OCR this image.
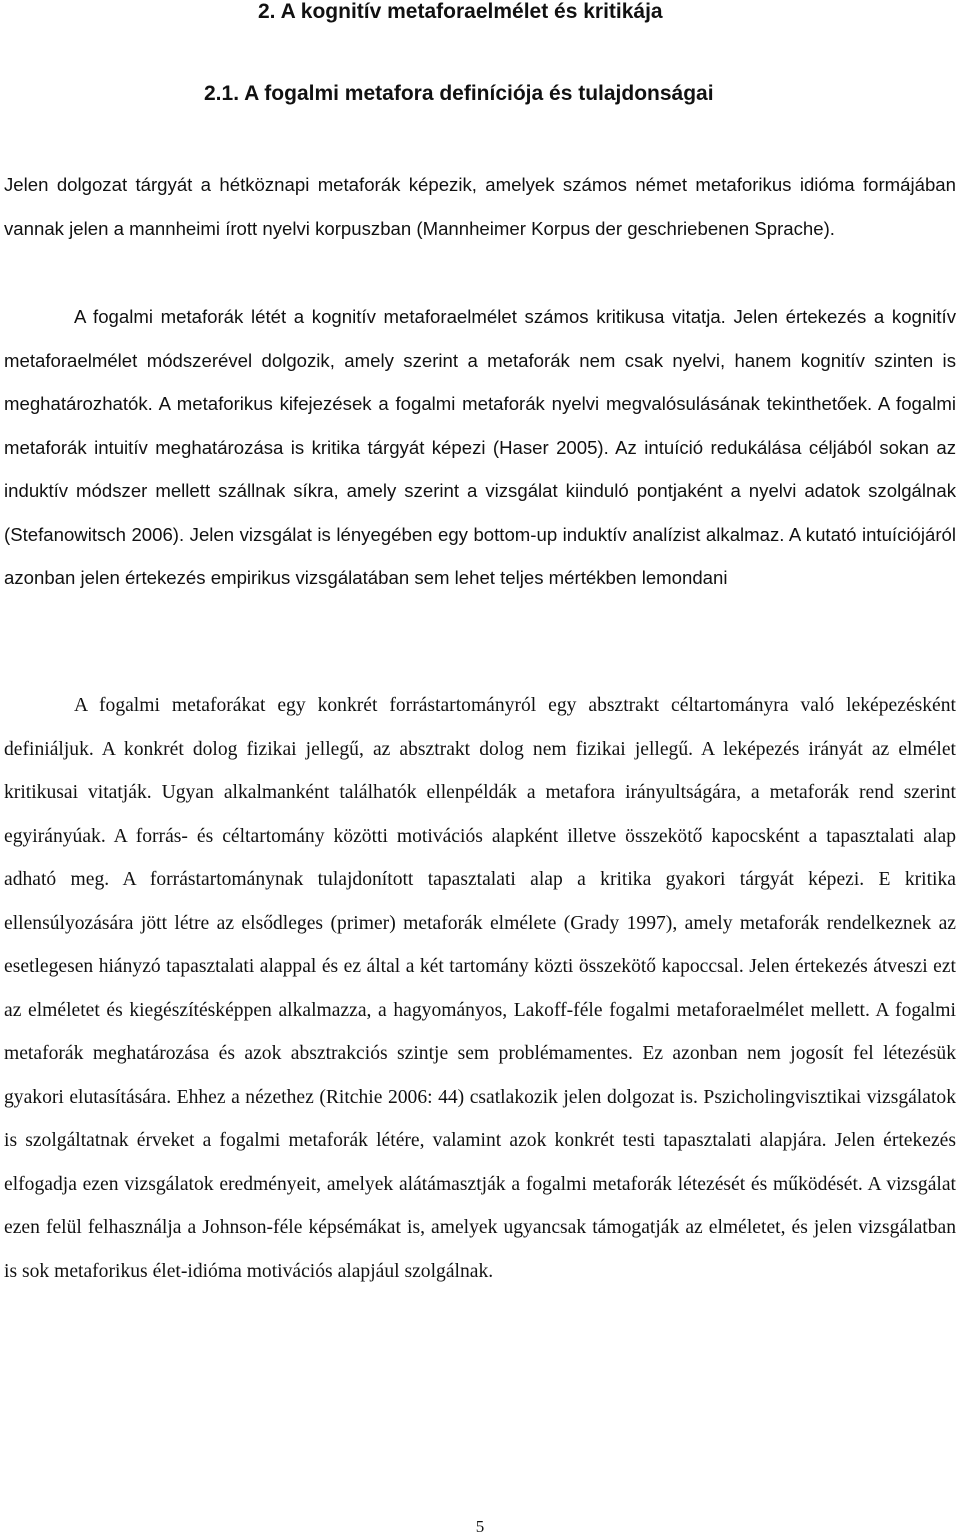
2. A kognitív metaforaelmélet és kritikája
2.1. A fogalmi metafora definíciója és tulajdonságai

Jelen dolgozat tárgyát a hétköznapi metaforák képezik, amelyek számos német metaforikus idióma formájában vannak jelen a mannheimi írott nyelvi korpuszban (Mannheimer Korpus der geschriebenen Sprache).

A fogalmi metaforák létét a kognitív metaforaelmélet számos kritikusa vitatja. Jelen értekezés a kognitív metaforaelmélet módszerével dolgozik, amely szerint a metaforák nem csak nyelvi, hanem kognitív szinten is meghatározhatók. A metaforikus kifejezések a fogalmi metaforák nyelvi megvalósulásának tekinthetőek. A fogalmi metaforák intuitív meghatározása is kritika tárgyát képezi (Haser 2005). Az intuíció redukálása céljából sokan az induktív módszer mellett szállnak síkra, amely szerint a vizsgálat kiinduló pontjaként a nyelvi adatok szolgálnak (Stefanowitsch 2006). Jelen vizsgálat is lényegében egy bottom-up induktív analízist alkalmaz. A kutató intuíciójáról azonban jelen értekezés empirikus vizsgálatában sem lehet teljes mértékben lemondani

A fogalmi metaforákat egy konkrét forrástartományról egy absztrakt céltartományra való leképezésként definiáljuk. A konkrét dolog fizikai jellegű, az absztrakt dolog nem fizikai jellegű. A leképezés irányát az elmélet kritikusai vitatják. Ugyan alkalmanként találhatók ellenpéldák a metafora irányultságára, a metaforák rend szerint egyirányúak. A forrás- és céltartomány közötti motivációs alapként illetve összekötő kapocsként a tapasztalati alap adható meg. A forrástartománynak tulajdonított tapasztalati alap a kritika gyakori tárgyát képezi. E kritika ellensúlyozására jött létre az elsődleges (primer) metaforák elmélete (Grady 1997), amely metaforák rendelkeznek az esetlegesen hiányzó tapasztalati alappal és ez által a két tartomány közti összekötő kapoccsal. Jelen értekezés átveszi ezt az elméletet és kiegészítésképpen alkalmazza, a hagyományos, Lakoff-féle fogalmi metaforaelmélet mellett. A fogalmi metaforák meghatározása és azok absztrakciós szintje sem problémamentes. Ez azonban nem jogosít fel létezésük gyakori elutasítására. Ehhez a nézethez (Ritchie 2006: 44) csatlakozik jelen dolgozat is. Pszicholingvisztikai vizsgálatok is szolgáltatnak érveket a fogalmi metaforák létére, valamint azok konkrét testi tapasztalati alapjára. Jelen értekezés elfogadja ezen vizsgálatok eredményeit, amelyek alátámasztják a fogalmi metaforák létezését és működését. A vizsgálat ezen felül felhasználja a Johnson-féle képsémákat is, amelyek ugyancsak támogatják az elméletet, és jelen vizsgálatban is sok metaforikus élet-idióma motivációs alapjául szolgálnak.

5
